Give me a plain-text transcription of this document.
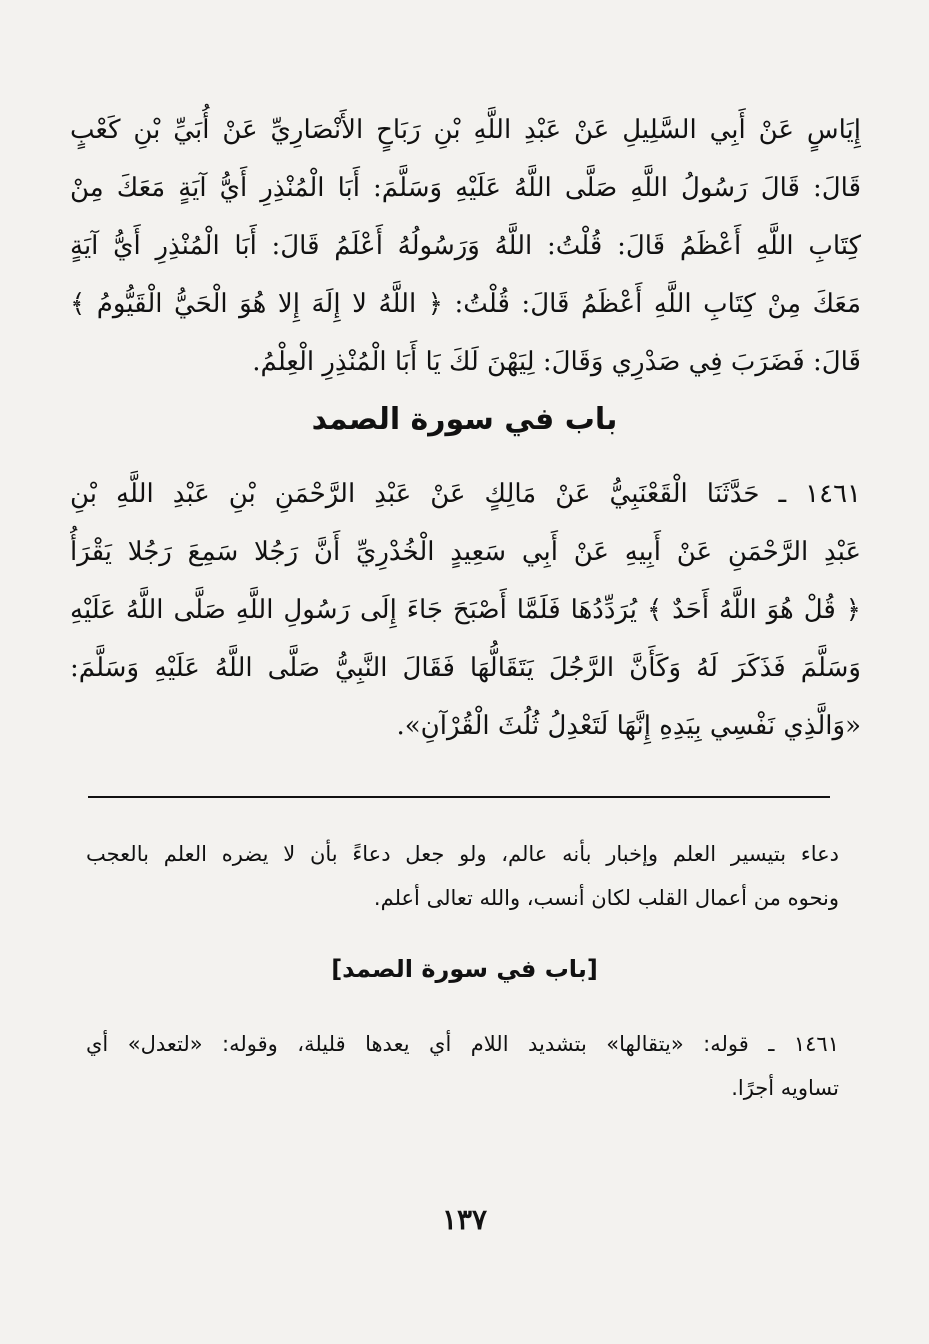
إِيَاسٍ عَنْ أَبِي السَّلِيلِ عَنْ عَبْدِ اللَّهِ بْنِ رَبَاحٍ الأَنْصَارِيِّ عَنْ أُبَيِّ بْنِ كَعْبٍ
قَالَ: قَالَ رَسُولُ اللَّهِ صَلَّى اللَّهُ عَلَيْهِ وَسَلَّمَ: أَبَا الْمُنْذِرِ أَيُّ آيَةٍ مَعَكَ مِنْ
كِتَابِ اللَّهِ أَعْظَمُ قَالَ: قُلْتُ: اللَّهُ وَرَسُولُهُ أَعْلَمُ قَالَ: أَبَا الْمُنْذِرِ أَيُّ آيَةٍ
مَعَكَ مِنْ كِتَابِ اللَّهِ أَعْظَمُ قَالَ: قُلْتُ: ﴿ اللَّهُ لا إِلَهَ إِلا هُوَ الْحَيُّ الْقَيُّومُ ﴾
قَالَ: فَضَرَبَ فِي صَدْرِي وَقَالَ: لِيَهْنَ لَكَ يَا أَبَا الْمُنْذِرِ الْعِلْمُ.
باب في سورة الصمد
١٤٦١ ـ حَدَّثَنَا الْقَعْنَبِيُّ عَنْ مَالِكٍ عَنْ عَبْدِ الرَّحْمَنِ بْنِ عَبْدِ اللَّهِ بْنِ
عَبْدِ الرَّحْمَنِ عَنْ أَبِيهِ عَنْ أَبِي سَعِيدٍ الْخُدْرِيِّ أَنَّ رَجُلا سَمِعَ رَجُلا يَقْرَأُ
﴿ قُلْ هُوَ اللَّهُ أَحَدٌ ﴾ يُرَدِّدُهَا فَلَمَّا أَصْبَحَ جَاءَ إِلَى رَسُولِ اللَّهِ صَلَّى اللَّهُ عَلَيْهِ
وَسَلَّمَ فَذَكَرَ لَهُ وَكَأَنَّ الرَّجُلَ يَتَقَالُّهَا فَقَالَ النَّبِيُّ صَلَّى اللَّهُ عَلَيْهِ وَسَلَّمَ:
«وَالَّذِي نَفْسِي بِيَدِهِ إِنَّهَا لَتَعْدِلُ ثُلُثَ الْقُرْآنِ».
دعاء بتيسير العلم وإخبار بأنه عالم، ولو جعل دعاءً بأن لا يضره العلم بالعجب
ونحوه من أعمال القلب لكان أنسب، والله تعالى أعلم.
[باب في سورة الصمد]
١٤٦١ ـ قوله: «يتقالها» بتشديد اللام أي يعدها قليلة، وقوله: «لتعدل» أي
تساويه أجرًا.
١٣٧
